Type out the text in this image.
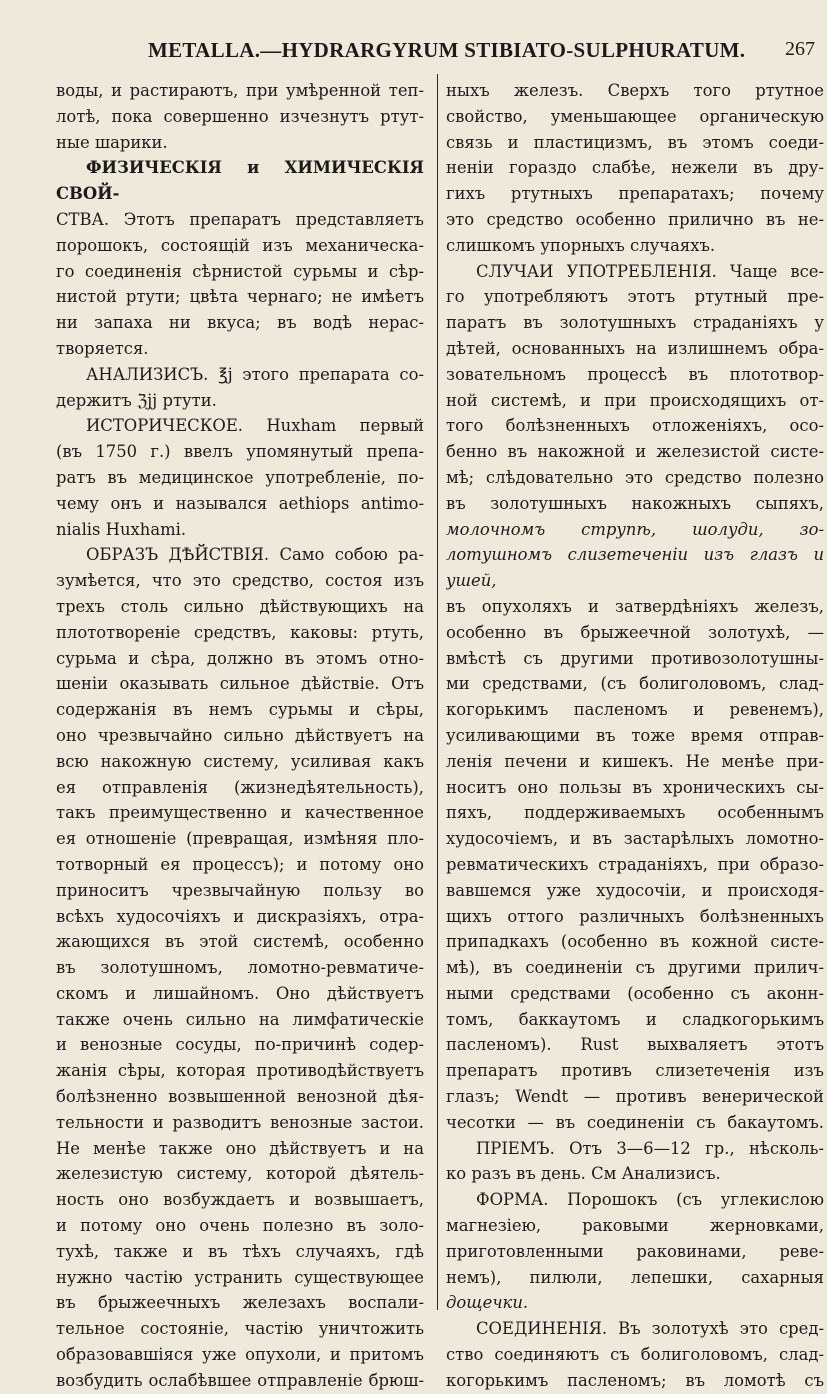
METALLA.—HYDRARGYRUM STIBIATO-SULPHURATUM. 267
воды, и растираютъ, при умѣренной теп-
лотѣ, пока совершенно изчезнутъ ртут-
ные шарики.
ФИЗИЧЕСКІЯ и ХИМИЧЕСКІЯ СВОЙ-
СТВА. Этотъ препаратъ представляетъ
порошокъ, состоящій изъ механическа-
го соединенія сѣрнистой сурьмы и сѣр-
нистой ртути; цвѣта чернаго; не имѣетъ
ни запаха ни вкуса; въ водѣ нерас-
творяется.
АНАЛИЗИСЪ. ℥j этого препарата со-
держитъ ℨjj ртути.
ИСТОРИЧЕСКОЕ. Huxham первый
(въ 1750 г.) ввелъ упомянутый препа-
ратъ въ медицинское употребленіе, по-
чему онъ и назывался aethiops antimo-
nialis Huxhami.
ОБРАЗЪ ДѢЙСТВІЯ. Само собою ра-
зумѣется, что это средство, состоя изъ
трехъ столь сильно дѣйствующихъ на
плототвореніе средствъ, каковы: ртуть,
сурьма и сѣра, должно въ этомъ отно-
шеніи оказывать сильное дѣйствіе. Отъ
содержанія въ немъ сурьмы и сѣры,
оно чрезвычайно сильно дѣйствуетъ на
всю накожную систему, усиливая какъ
ея отправленія (жизнедѣятельность),
такъ преимущественно и качественное
ея отношеніе (превращая, измѣняя пло-
тотворный ея процессъ); и потому оно
приноситъ чрезвычайную пользу во
всѣхъ худосочіяхъ и дискразіяхъ, отра-
жающихся въ этой системѣ, особенно
въ золотушномъ, ломотно-ревматиче-
скомъ и лишайномъ. Оно дѣйствуетъ
также очень сильно на лимфатическіе
и венозные сосуды, по-причинѣ содер-
жанія сѣры, которая противодѣйствуетъ
болѣзненно возвышенной венозной дѣя-
тельности и разводитъ венозные застои.
Не менѣе также оно дѣйствуетъ и на
железистую систему, которой дѣятель-
ность оно возбуждаетъ и возвышаетъ,
и потому оно очень полезно въ золо-
тухѣ, также и въ тѣхъ случаяхъ, гдѣ
нужно частію устранить существующее
въ брыжеечныхъ железахъ воспали-
тельное состояніе, частію уничтожить
образовавшіяся уже опухоли, и притомъ
возбудить ослабѣвшее отправленіе брюш-
ныхъ железъ. Сверхъ того ртутное
свойство, уменьшающее органическую
связь и пластицизмъ, въ этомъ соеди-
неніи гораздо слабѣе, нежели въ дру-
гихъ ртутныхъ препаратахъ; почему
это средство особенно прилично въ не-
слишкомъ упорныхъ случаяхъ.
СЛУЧАИ УПОТРЕБЛЕНІЯ. Чаще все-
го употребляютъ этотъ ртутный пре-
паратъ въ золотушныхъ страданіяхъ у
дѣтей, основанныхъ на излишнемъ обра-
зовательномъ процессѣ въ плототвор-
ной системѣ, и при происходящихъ от-
того болѣзненныхъ отложеніяхъ, осо-
бенно въ накожной и железистой систе-
мѣ; слѣдовательно это средство полезно
въ золотушныхъ накожныхъ сыпяхъ,
молочномъ струпѣ, шолуди, зо-
лотушномъ слизетеченіи изъ глазъ и ушей,
въ опухоляхъ и затвердѣніяхъ железъ,
особенно въ брыжеечной золотухѣ, —
вмѣстѣ съ другими противозолотушны-
ми средствами, (съ болиголовомъ, слад-
когорькимъ пасленомъ и ревенемъ),
усиливающими въ тоже время отправ-
ленія печени и кишекъ. Не менѣе при-
носитъ оно пользы въ хроническихъ сы-
пяхъ, поддерживаемыхъ особеннымъ
худосочіемъ, и въ застарѣлыхъ ломотно-
ревматическихъ страданіяхъ, при образо-
вавшемся уже худосочіи, и происходя-
щихъ оттого различныхъ болѣзненныхъ
припадкахъ (особенно въ кожной систе-
мѣ), въ соединеніи съ другими прилич-
ными средствами (особенно съ аконн-
томъ, баккаутомъ и сладкогорькимъ
пасленомъ). Rust выхваляетъ этотъ
препаратъ противъ слизетеченія изъ
глазъ; Wendt — противъ венерической
чесотки — въ соединеніи съ бакаутомъ.
ПРІЕМЪ. Отъ 3—6—12 гр., нѣсколь-
ко разъ въ день. См Анализисъ.
ФОРМА. Порошокъ (съ углекислою
магнезіею, раковыми жерновками,
приготовленными раковинами, реве-
немъ), пилюли, лепешки, сахарныя
дощечки.
СОЕДИНЕНІЯ. Въ золотухѣ это сред-
ство соединяютъ съ болиголовомъ, слад-
когорькимъ пасленомъ; въ ломотѣ съ
